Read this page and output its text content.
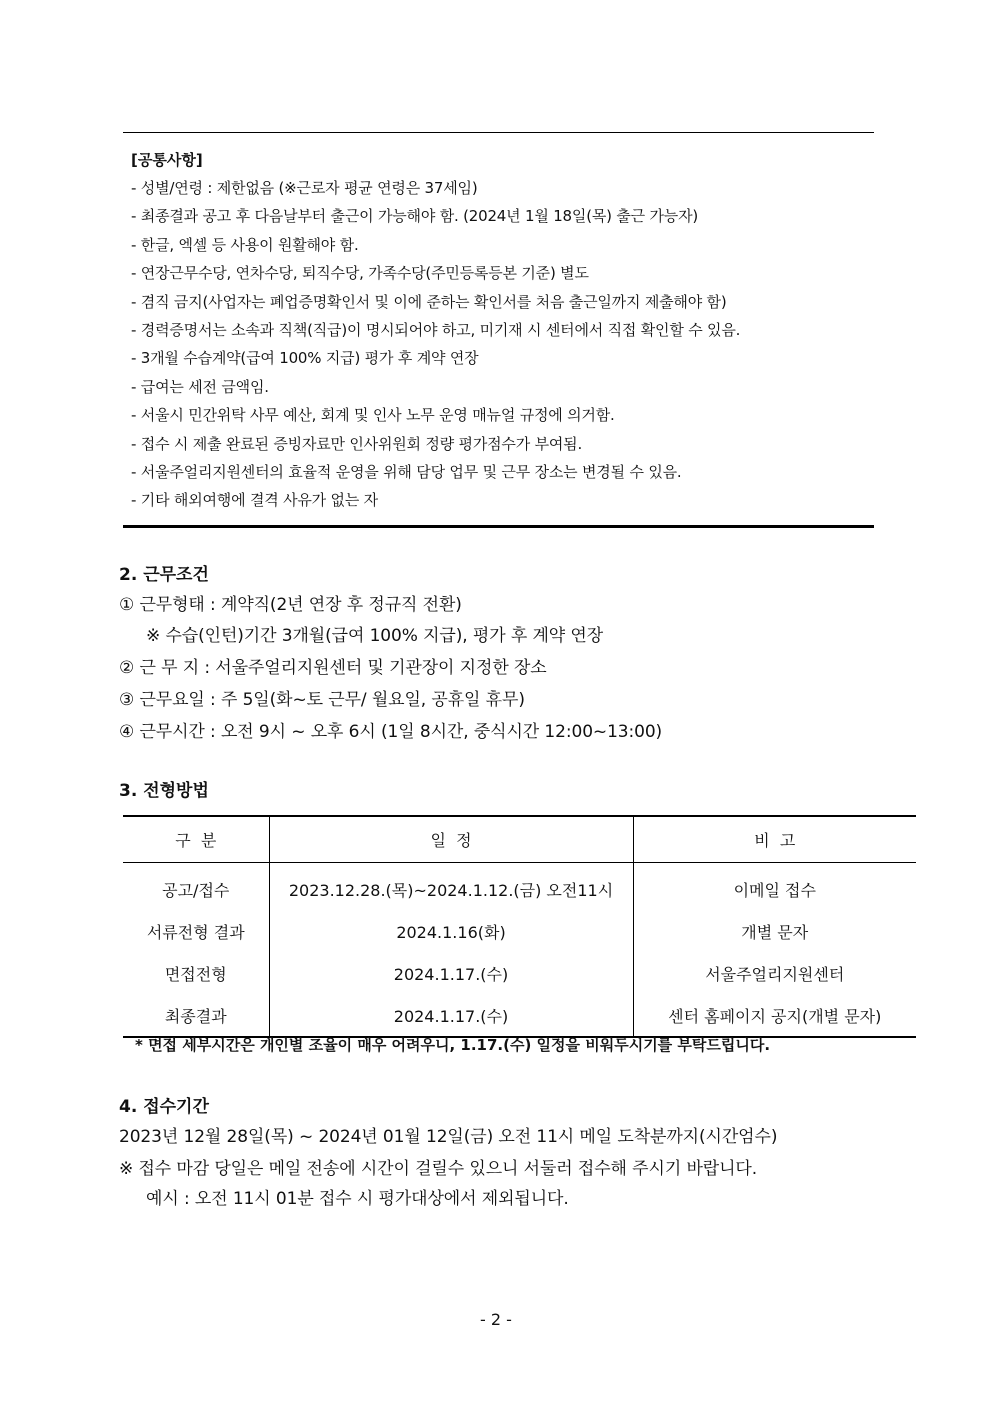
[공통사항]
- 성별/연령 : 제한없음 (※근로자 평균 연령은 37세임)
- 최종결과 공고 후 다음날부터 출근이 가능해야 함. (2024년 1월 18일(목) 출근 가능자)
- 한글, 엑셀 등 사용이 원활해야 함.
- 연장근무수당, 연차수당, 퇴직수당, 가족수당(주민등록등본 기준) 별도
- 겸직 금지(사업자는 폐업증명확인서 및 이에 준하는 확인서를 처음 출근일까지 제출해야 함)
- 경력증명서는 소속과 직책(직급)이 명시되어야 하고, 미기재 시 센터에서 직접 확인할 수 있음.
- 3개월 수습계약(급여 100% 지급) 평가 후 계약 연장
- 급여는 세전 금액임.
- 서울시 민간위탁 사무 예산, 회계 및 인사 노무 운영 매뉴얼 규정에 의거함.
- 접수 시 제출 완료된 증빙자료만 인사위원회 정량 평가점수가 부여됨.
- 서울주얼리지원센터의 효율적 운영을 위해 담당 업무 및 근무 장소는 변경될 수 있음.
- 기타 해외여행에 결격 사유가 없는 자
2. 근무조건
① 근무형태 : 계약직(2년 연장 후 정규직 전환)
※ 수습(인턴)기간 3개월(급여 100% 지급), 평가 후 계약 연장
② 근 무 지 : 서울주얼리지원센터 및 기관장이 지정한 장소
③ 근무요일 : 주 5일(화~토 근무/ 월요일, 공휴일 휴무)
④ 근무시간 : 오전 9시 ~ 오후 6시 (1일 8시간, 중식시간 12:00~13:00)
3. 전형방법
구  분	일  정	비  고
공고/접수	2023.12.28.(목)~2024.1.12.(금) 오전11시	이메일 접수
서류전형 결과	2024.1.16(화)	개별 문자
면접전형	2024.1.17.(수)	서울주얼리지원센터
최종결과	2024.1.17.(수)	센터 홈페이지 공지(개별 문자)
* 면접 세부시간은 개인별 조율이 매우 어려우니, 1.17.(수) 일정을 비워두시기를 부탁드립니다.
4. 접수기간
2023년 12월 28일(목) ~ 2024년 01월 12일(금) 오전 11시 메일 도착분까지(시간엄수)
※ 접수 마감 당일은 메일 전송에 시간이 걸릴수 있으니 서둘러 접수해 주시기 바랍니다.
예시 : 오전 11시 01분 접수 시 평가대상에서 제외됩니다.
- 2 -
